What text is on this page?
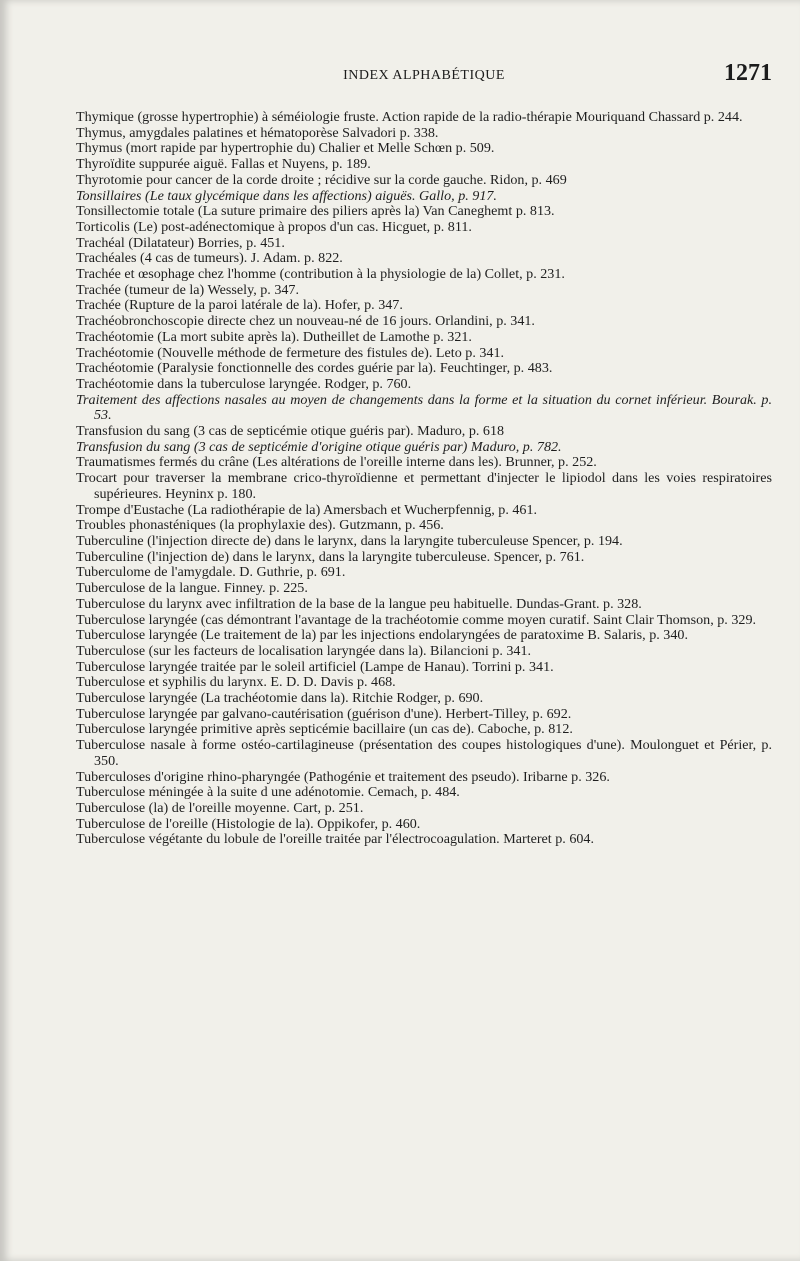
INDEX ALPHABÉTIQUE	1271

Thymique (grosse hypertrophie) à séméiologie fruste. Action rapide de la radio-thérapie Mouriquand Chassard p. 244.

Thymus, amygdales palatines et hématoporèse Salvadori p. 338.

Thymus (mort rapide par hypertrophie du) Chalier et Melle Schœn p. 509.

Thyroïdite suppurée aiguë. Fallas et Nuyens, p. 189.

Thyrotomie pour cancer de la corde droite ; récidive sur la corde gauche. Ridon, p. 469

Tonsillaires (Le taux glycémique dans les affections) aiguës. Gallo, p. 917.

Tonsillectomie totale (La suture primaire des piliers après la) Van Caneghemt p. 813.

Torticolis (Le) post-adénectomique à propos d'un cas. Hicguet, p. 811.

Trachéal (Dilatateur) Borries, p. 451.

Trachéales (4 cas de tumeurs). J. Adam. p. 822.

Trachée et œsophage chez l'homme (contribution à la physiologie de la) Collet, p. 231.

Trachée (tumeur de la) Wessely, p. 347.

Trachée (Rupture de la paroi latérale de la). Hofer, p. 347.

Trachéobronchoscopie directe chez un nouveau-né de 16 jours. Orlandini, p. 341.

Trachéotomie (La mort subite après la). Dutheillet de Lamothe p. 321.

Trachéotomie (Nouvelle méthode de fermeture des fistules de). Leto p. 341.

Trachéotomie (Paralysie fonctionnelle des cordes guérie par la). Feuchtinger, p. 483.

Trachéotomie dans la tuberculose laryngée. Rodger, p. 760.

Traitement des affections nasales au moyen de changements dans la forme et la situation du cornet inférieur. Bourak. p. 53.

Transfusion du sang (3 cas de septicémie otique guéris par). Maduro, p. 618

Transfusion du sang (3 cas de septicémie d'origine otique guéris par) Maduro, p. 782.

Traumatismes fermés du crâne (Les altérations de l'oreille interne dans les). Brunner, p. 252.

Trocart pour traverser la membrane crico-thyroïdienne et permettant d'injecter le lipiodol dans les voies respiratoires supérieures. Heyninx p. 180.

Trompe d'Eustache (La radiothérapie de la) Amersbach et Wucherpfennig, p. 461.

Troubles phonasténiques (la prophylaxie des). Gutzmann, p. 456.

Tuberculine (l'injection directe de) dans le larynx, dans la laryngite tuberculeuse Spencer, p. 194.

Tuberculine (l'injection de) dans le larynx, dans la laryngite tuberculeuse. Spencer, p. 761.

Tuberculome de l'amygdale. D. Guthrie, p. 691.

Tuberculose de la langue. Finney. p. 225.

Tuberculose du larynx avec infiltration de la base de la langue peu habituelle. Dundas-Grant. p. 328.

Tuberculose laryngée (cas démontrant l'avantage de la trachéotomie comme moyen curatif. Saint Clair Thomson, p. 329.

Tuberculose laryngée (Le traitement de la) par les injections endolaryngées de paratoxime B. Salaris, p. 340.

Tuberculose (sur les facteurs de localisation laryngée dans la). Bilancioni p. 341.

Tuberculose laryngée traitée par le soleil artificiel (Lampe de Hanau). Torrini p. 341.

Tuberculose et syphilis du larynx. E. D. D. Davis p. 468.

Tuberculose laryngée (La trachéotomie dans la). Ritchie Rodger, p. 690.

Tuberculose laryngée par galvano-cautérisation (guérison d'une). Herbert-Tilley, p. 692.

Tuberculose laryngée primitive après septicémie bacillaire (un cas de). Caboche, p. 812.

Tuberculose nasale à forme ostéo-cartilagineuse (présentation des coupes histologiques d'une). Moulonguet et Périer, p. 350.

Tuberculoses d'origine rhino-pharyngée (Pathogénie et traitement des pseudo). Iribarne p. 326.

Tuberculose méningée à la suite d une adénotomie. Cemach, p. 484.

Tuberculose (la) de l'oreille moyenne. Cart, p. 251.

Tuberculose de l'oreille (Histologie de la). Oppikofer, p. 460.

Tuberculose végétante du lobule de l'oreille traitée par l'électrocoagulation. Marteret p. 604.
